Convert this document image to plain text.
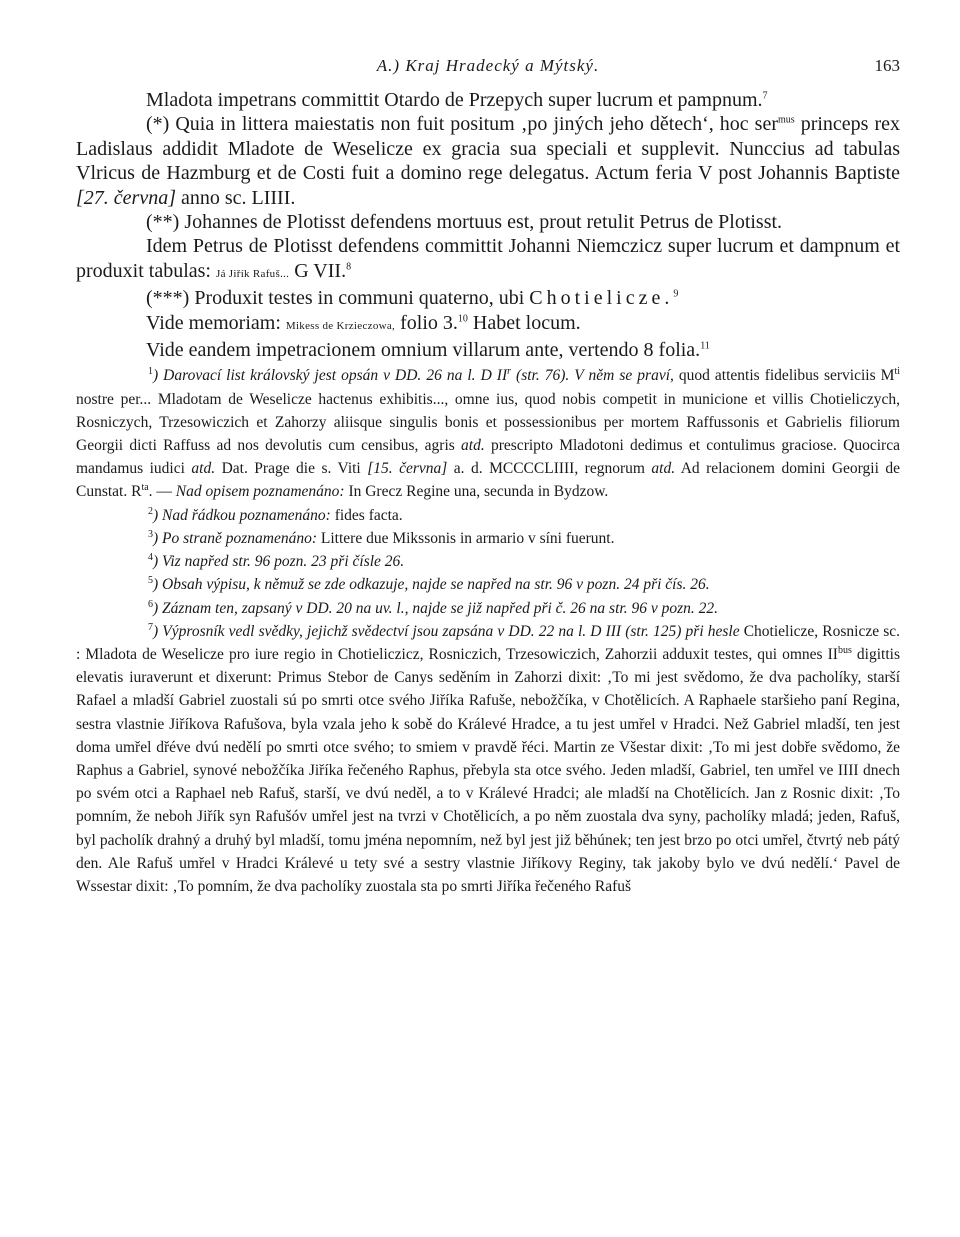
A.) Kraj Hradecký a Mýtský.	163

Mladota impetrans committit Otardo de Przepych super lucrum et pampnum.$^7$

(*) Quia in littera maiestatis non fuit positum ‚po jiných jeho dětech‘, hoc ser$^{mus}$ princeps rex Ladislaus addidit Mladote de Weselicze ex gracia sua speciali et supplevit. Nunccius ad tabulas Vlricus de Hazmburg et de Costi fuit a domino rege delegatus. Actum feria V post Johannis Baptiste [27. června] anno sc. LIIII.

(**) Johannes de Plotisst defendens mortuus est, prout retulit Petrus de Plotisst.

Idem Petrus de Plotisst defendens committit Johanni Niemczicz super lucrum et dampnum et produxit tabulas: Já Jiřík Rafuš... G VII.$^8$

(***) Produxit testes in communi quaterno, ubi Chotielicze.$^9$

Vide memoriam: Mikess de Krzieczowa, folio 3.10 Habet locum.

Vide eandem impetracionem omnium villarum ante, vertendo 8 folia.$^{11}$

$^1$) Darovací list královský jest opsán v DD. 26 na l. D $II^r$ (str. 76). V něm se praví, quod attentis fidelibus serviciis $M^{ti}$ nostre per... Mladotam de Weselicze hactenus exhibitis..., omne ius, quod nobis competit in municione et villis Chotieliczych, Rosniczych, Trzesowiczich et Zahorzy aliisque singulis bonis et possessionibus per mortem Raffussonis et Gabrielis filiorum Georgii dicti Raffuss ad nos devolutis cum censibus, agris atd. prescripto Mladotoni dedimus et contulimus graciose. Quocirca mandamus iudici atd. Dat. Prage die s. Viti [15. června] a. d. MCCCCLIIII, regnorum atd. Ad relacionem domini Georgii de Cunstat. $R^{ta}$. — Nad opisem poznamenáno: In Grecz Regine una, secunda in Bydzow.

$^2$) Nad řádkou poznamenáno: fides facta.

$^3$) Po straně poznamenáno: Littere due Mikssonis in armario v síni fuerunt.

$^4$) Viz napřed str. 96 pozn. 23 při čísle 26.

$^5$) Obsah výpisu, k němuž se zde odkazuje, najde se napřed na str. 96 v pozn. 24 při čís. 26.

$^6$) Záznam ten, zapsaný v DD. 20 na uv. l., najde se již napřed při č. 26 na str. 96 v pozn. 22.

$^7$) Výprosník vedl svědky, jejichž svědectví jsou zapsána v DD. 22 na l. D III (str. 125) při hesle Chotielicze, Rosnicze sc. : Mladota de Weselicze pro iure regio in Chotieliczicz, Rosniczich, Trzesowiczich, Zahorzii adduxit testes, qui omnes $II^{bus}$ digittis elevatis iuraverunt et dixerunt: Primus Stebor de Canys seděním in Zahorzi dixit: ‚To mi jest svědomo, že dva pacholíky, starší Rafael a mladší Gabriel zuostali sú po smrti otce svého Jiříka Rafuše, nebožčíka, v Chotělicích. A Raphaele staršieho paní Regina, sestra vlastnie Jiříkova Rafušova, byla vzala jeho k sobě do Králevé Hradce, a tu jest umřel v Hradci. Než Gabriel mladší, ten jest doma umřel dřéve dvú nedělí po smrti otce svého; to smiem v pravdě řéci. Martin ze Všestar dixit: ‚To mi jest dobře svědomo, že Raphus a Gabriel, synové nebožčíka Jiříka řečeného Raphus, přebyla sta otce svého. Jeden mladší, Gabriel, ten umřel ve IIII dnech po svém otci a Raphael neb Rafuš, starší, ve dvú neděl, a to v Králevé Hradci; ale mladší na Chotělicích. Jan z Rosnic dixit: ‚To pomním, že neboh Jiřík syn Rafušóv umřel jest na tvrzi v Chotělicích, a po něm zuostala dva syny, pacholíky mladá; jeden, Rafuš, byl pacholík drahný a druhý byl mladší, tomu jména nepomním, než byl jest již běhúnek; ten jest brzo po otci umřel, čtvrtý neb pátý den. Ale Rafuš umřel v Hradci Králevé u tety své a sestry vlastnie Jiříkovy Reginy, tak jakoby bylo ve dvú nedělí.‘ Pavel de Wssestar dixit: ‚To pomním, že dva pacholíky zuostala sta po smrti Jiříka řečeného Rafuš
